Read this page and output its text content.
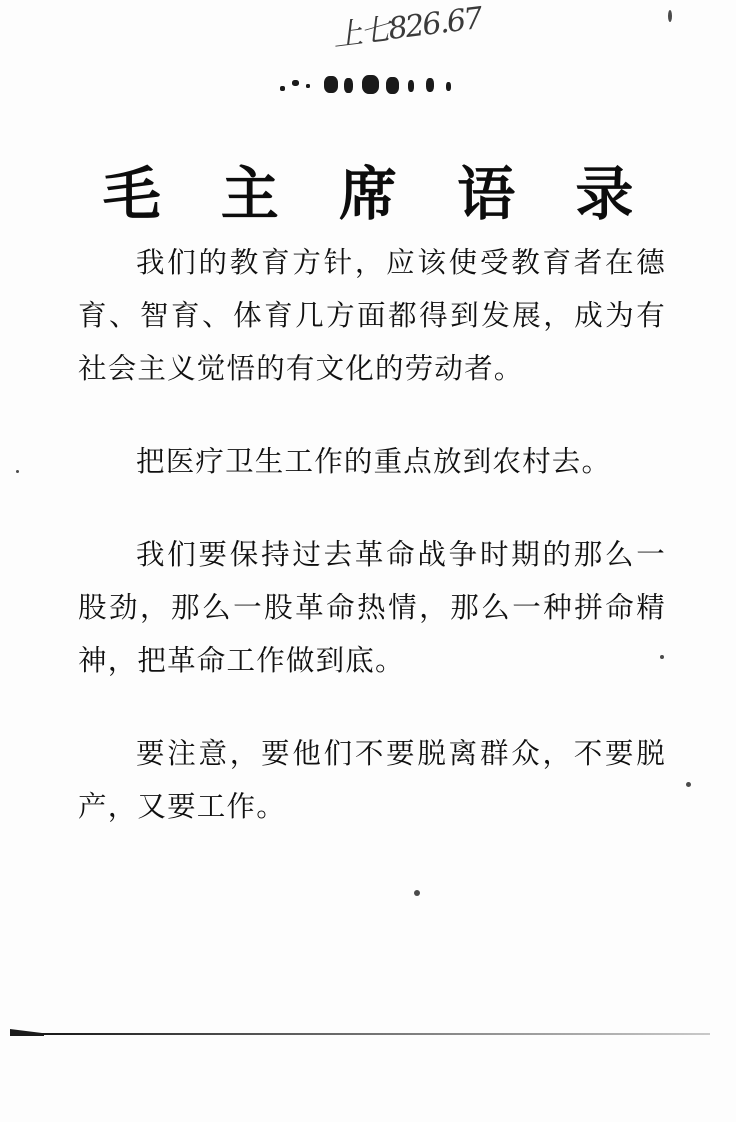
上七826.67
毛 主 席 语 录

我们的教育方针，应该使受教育者在德育、智育、体育几方面都得到发展，成为有社会主义觉悟的有文化的劳动者。

把医疗卫生工作的重点放到农村去。

我们要保持过去革命战争时期的那么一股劲，那么一股革命热情，那么一种拼命精神，把革命工作做到底。

要注意，要他们不要脱离群众，不要脱产，又要工作。
